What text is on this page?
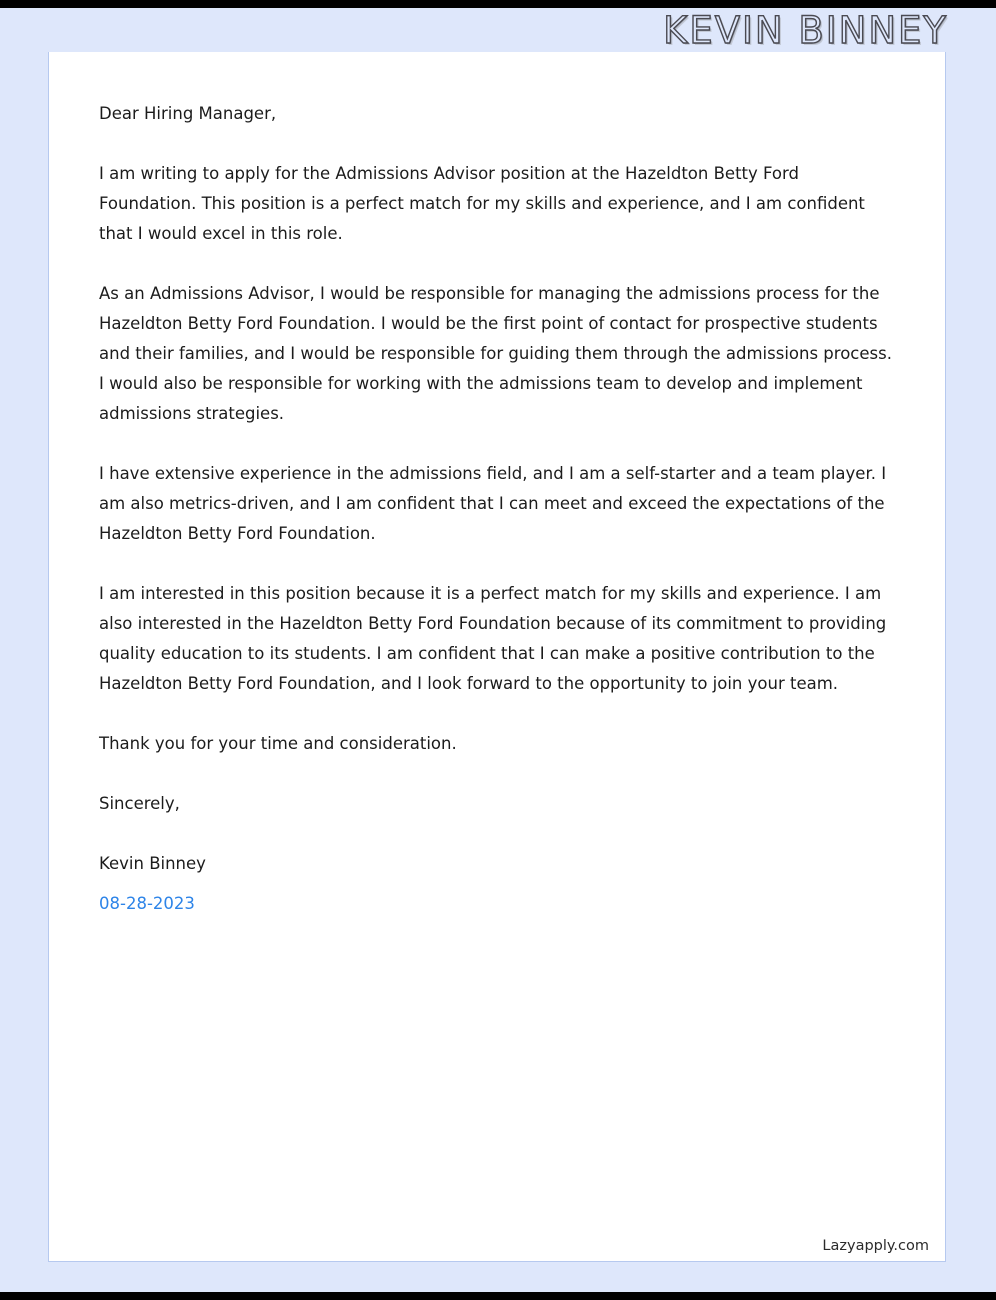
KEVIN BINNEY

Dear Hiring Manager,

I am writing to apply for the Admissions Advisor position at the Hazeldton Betty Ford Foundation. This position is a perfect match for my skills and experience, and I am confident that I would excel in this role.

As an Admissions Advisor, I would be responsible for managing the admissions process for the Hazeldton Betty Ford Foundation. I would be the first point of contact for prospective students and their families, and I would be responsible for guiding them through the admissions process. I would also be responsible for working with the admissions team to develop and implement admissions strategies.

I have extensive experience in the admissions field, and I am a self-starter and a team player. I am also metrics-driven, and I am confident that I can meet and exceed the expectations of the Hazeldton Betty Ford Foundation.

I am interested in this position because it is a perfect match for my skills and experience. I am also interested in the Hazeldton Betty Ford Foundation because of its commitment to providing quality education to its students. I am confident that I can make a positive contribution to the Hazeldton Betty Ford Foundation, and I look forward to the opportunity to join your team.

Thank you for your time and consideration.

Sincerely,

Kevin Binney

08-28-2023

Lazyapply.com
